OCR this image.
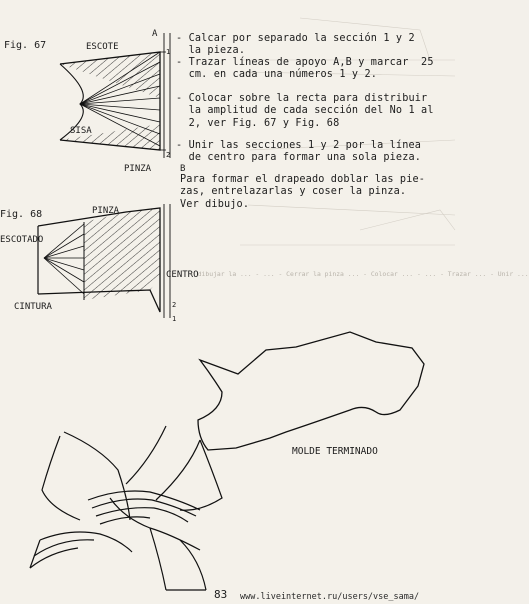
Fig. 67	ESCOTE
A
SISA
PINZA	B
1
2
Fig. 68	PINZA
ESCOTADO
CINTURA
CENTRO
2
1
- Calcar por separado la sección 1 y 2
la pieza.
- Trazar líneas de apoyo A,B y marcar  25
cm. en cada una números 1 y 2.
- Colocar sobre la recta para distribuir
la amplitud de cada sección del No 1 al
2, ver Fig. 67 y Fig. 68
- Unir las secciones 1 y 2 por la línea
de centro para formar una sola pieza.
Para formar el drapeado doblar las pie-
zas, entrelazarlas y coser la pinza.
Ver dibujo.
- dibujar la ... - ... - Cerrar la pinza ... - Colocar ... - ... - Trazar ... - Unir ...
MOLDE TERMINADO
83 www.liveinternet.ru/users/vse_sama/
